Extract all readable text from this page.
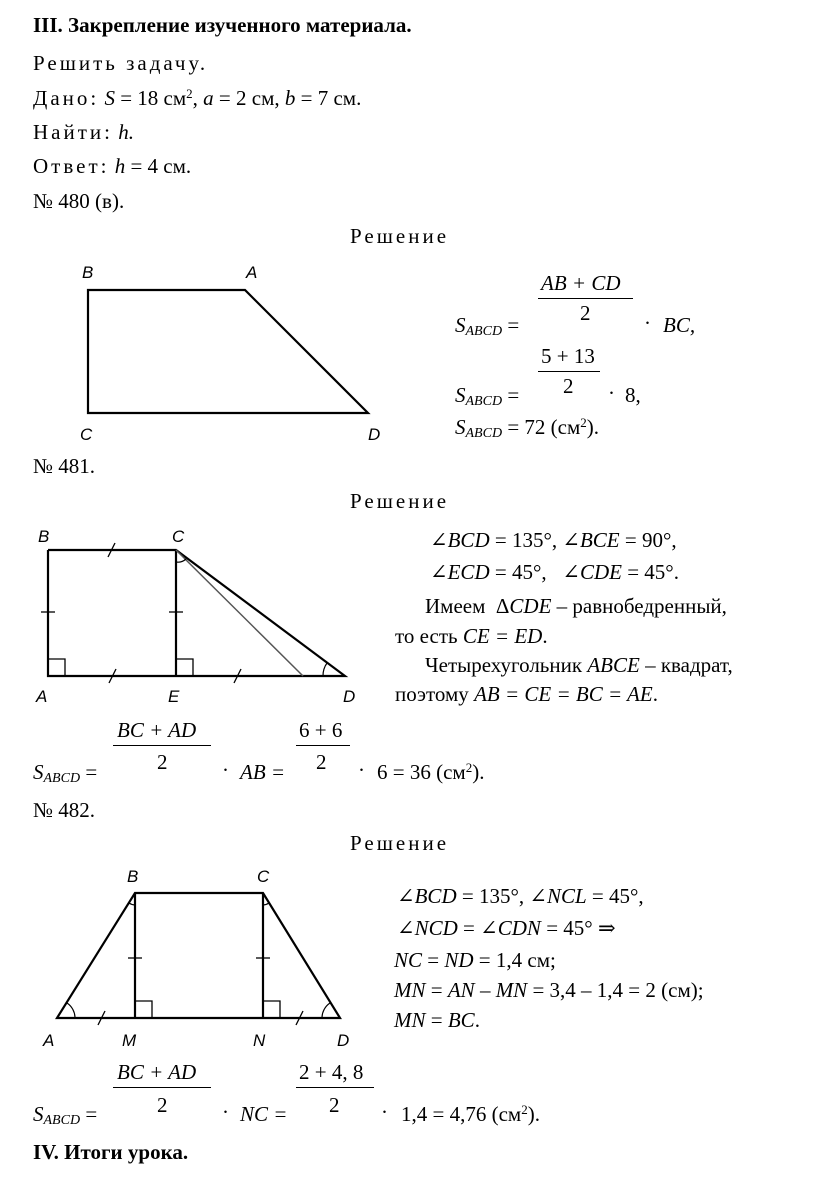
III. Закрепление изученного материала.
Решить задачу.
Дано: S = 18 $см^2$, a = 2 см, b = 7 см.
Найти: h.
Ответ: h = 4 см.
№ 480 (в).
Решение
B	A
C	D
AB + CD
2
$S_{ABCD}$ =	· BC,
5 + 13
2
$S_{ABCD}$ =	· 8,
$S_{ABCD} = 72$ $(см^2)$.
№ 481.
Решение
B	C
A	E	D
∠BCD = 135°, ∠BCE = 90°,
∠ECD = 45°, ∠CDE = 45°.
Имеем ΔCDE – равнобедренный,
то есть CE = ED.
Четырехугольник ABCE – квадрат,
поэтому AB = CE = BC = AE.
BC + AD
2
$S_{ABCD}$ =	· AB =
6 + 6
2 · 6 = 36 $(см^2)$.
№ 482.
Решение
B	C
A	M	N	D
∠BCD = 135°, ∠NCL = 45°,
∠NCD = ∠CDN = 45° ⇒
NC = ND = 1,4 см;
MN = AN – MN = 3,4 – 1,4 = 2 (см);
MN = BC.
BC + AD
2
$S_{ABCD}$ =	· NC =
2 + 4, 8
2 · 1,4 = 4,76 $(см^2)$.
IV. Итоги урока.
